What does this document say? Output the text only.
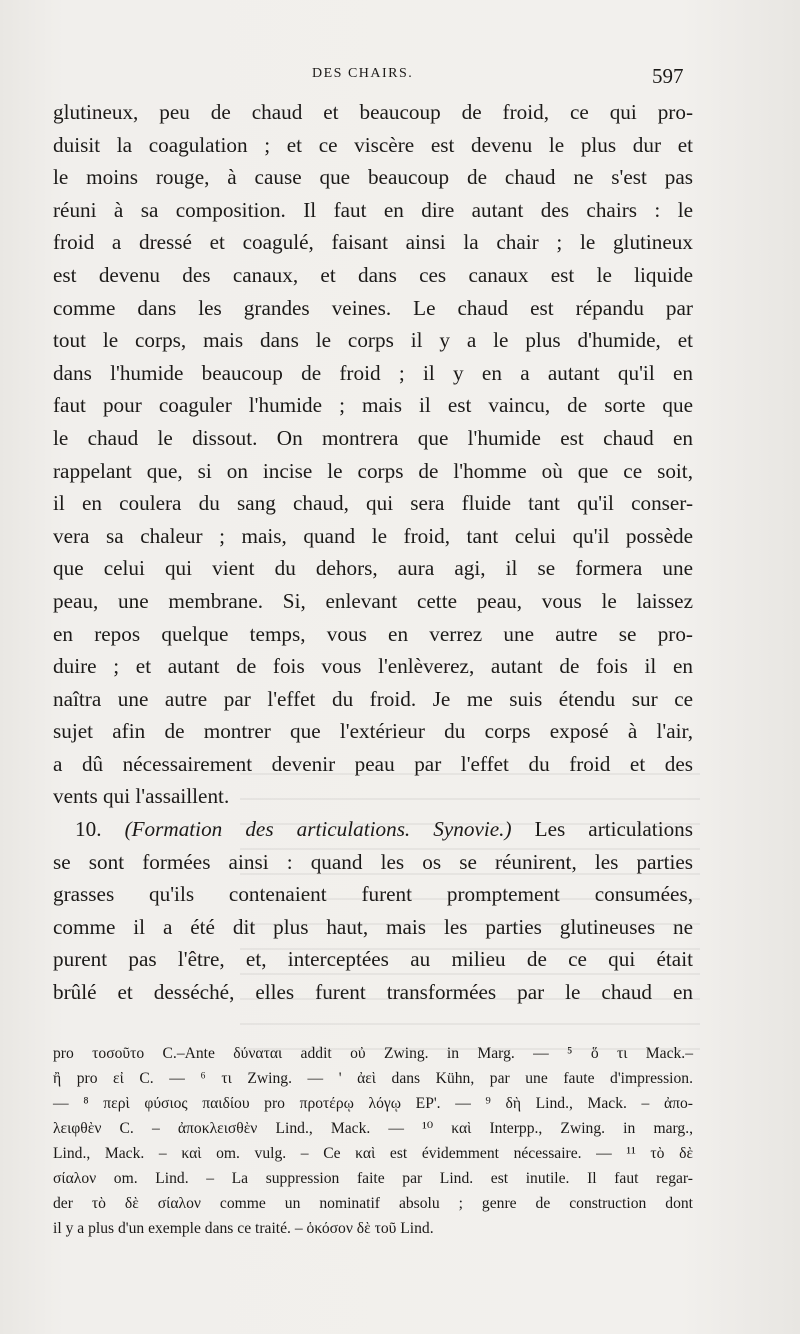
DES CHAIRS.	597
glutineux, peu de chaud et beaucoup de froid, ce qui pro-
duisit la coagulation ; et ce viscère est devenu le plus dur et
le moins rouge, à cause que beaucoup de chaud ne s'est pas
réuni à sa composition. Il faut en dire autant des chairs : le
froid a dressé et coagulé, faisant ainsi la chair ; le glutineux
est devenu des canaux, et dans ces canaux est le liquide
comme dans les grandes veines. Le chaud est répandu par
tout le corps, mais dans le corps il y a le plus d'humide, et
dans l'humide beaucoup de froid ; il y en a autant qu'il en
faut pour coaguler l'humide ; mais il est vaincu, de sorte que
le chaud le dissout. On montrera que l'humide est chaud en
rappelant que, si on incise le corps de l'homme où que ce soit,
il en coulera du sang chaud, qui sera fluide tant qu'il conser-
vera sa chaleur ; mais, quand le froid, tant celui qu'il possède
que celui qui vient du dehors, aura agi, il se formera une
peau, une membrane. Si, enlevant cette peau, vous le laissez
en repos quelque temps, vous en verrez une autre se pro-
duire ; et autant de fois vous l'enlèverez, autant de fois il en
naîtra une autre par l'effet du froid. Je me suis étendu sur ce
sujet afin de montrer que l'extérieur du corps exposé à l'air,
a dû nécessairement devenir peau par l'effet du froid et des
vents qui l'assaillent.
10. (Formation des articulations. Synovie.) Les articulations
se sont formées ainsi : quand les os se réunirent, les parties
grasses qu'ils contenaient furent promptement consumées,
comme il a été dit plus haut, mais les parties glutineuses ne
purent pas l'être, et, interceptées au milieu de ce qui était
brûlé et desséché, elles furent transformées par le chaud en
pro τοσοῦτο C.–Ante δύναται addit οὐ Zwing. in Marg. — ⁵ ὅ τι Mack.–
ἢ pro εἰ C. — ⁶ τι Zwing. — ' ἀεὶ dans Kühn, par une faute d'impression.
— ⁸ περὶ φύσιος παιδίου pro προτέρῳ λόγῳ EP'. — ⁹ δὴ Lind., Mack. – ἀπο-
λειφθὲν C. – ἀποκλεισθὲν Lind., Mack. — ¹⁰ καὶ Interpp., Zwing. in marg.,
Lind., Mack. – καὶ om. vulg. – Ce καὶ est évidemment nécessaire. — ¹¹ τὸ δὲ
σίαλον om. Lind. – La suppression faite par Lind. est inutile. Il faut regar-
der τὸ δὲ σίαλον comme un nominatif absolu ; genre de construction dont
il y a plus d'un exemple dans ce traité. – ὁκόσον δὲ τοῦ Lind.
